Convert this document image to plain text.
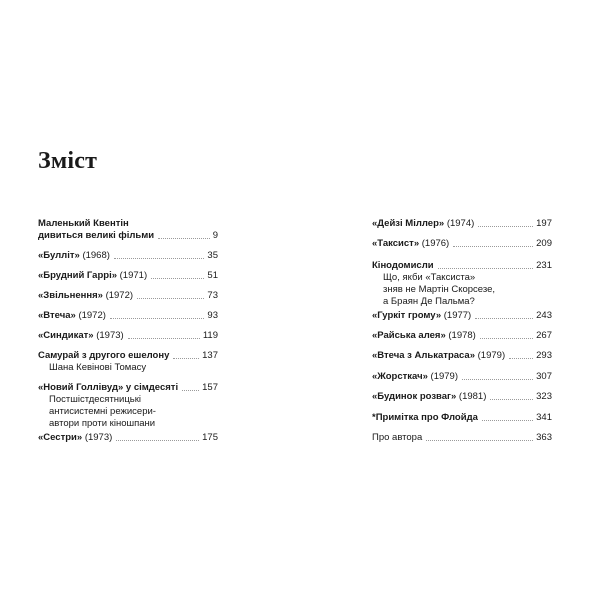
Зміст
Маленький Квентін
дивиться великі фільми	9
«Булліт» (1968)	35
«Брудний Гаррі» (1971)	51
«Звільнення» (1972)	73
«Втеча» (1972)	93
«Синдикат» (1973)	119
Самурай з другого ешелону	137
Шана Кевінові Томасу
«Новий Голлівуд» у сімдесяті	157
Постшістдесятницькі
антисистемні режисери-
автори проти кіношпани
«Сестри» (1973)	175
«Дейзі Міллер» (1974)	197
«Таксист» (1976)	209
Кінодомисли	231
Що, якби «Таксиста»
зняв не Мартін Скорсезе,
а Браян Де Пальма?
«Гуркіт грому» (1977)	243
«Райська алея» (1978)	267
«Втеча з Алькатраса» (1979)	293
«Жорсткач» (1979)	307
«Будинок розваг» (1981)	323
*Примітка про Флойда	341
Про автора	363
